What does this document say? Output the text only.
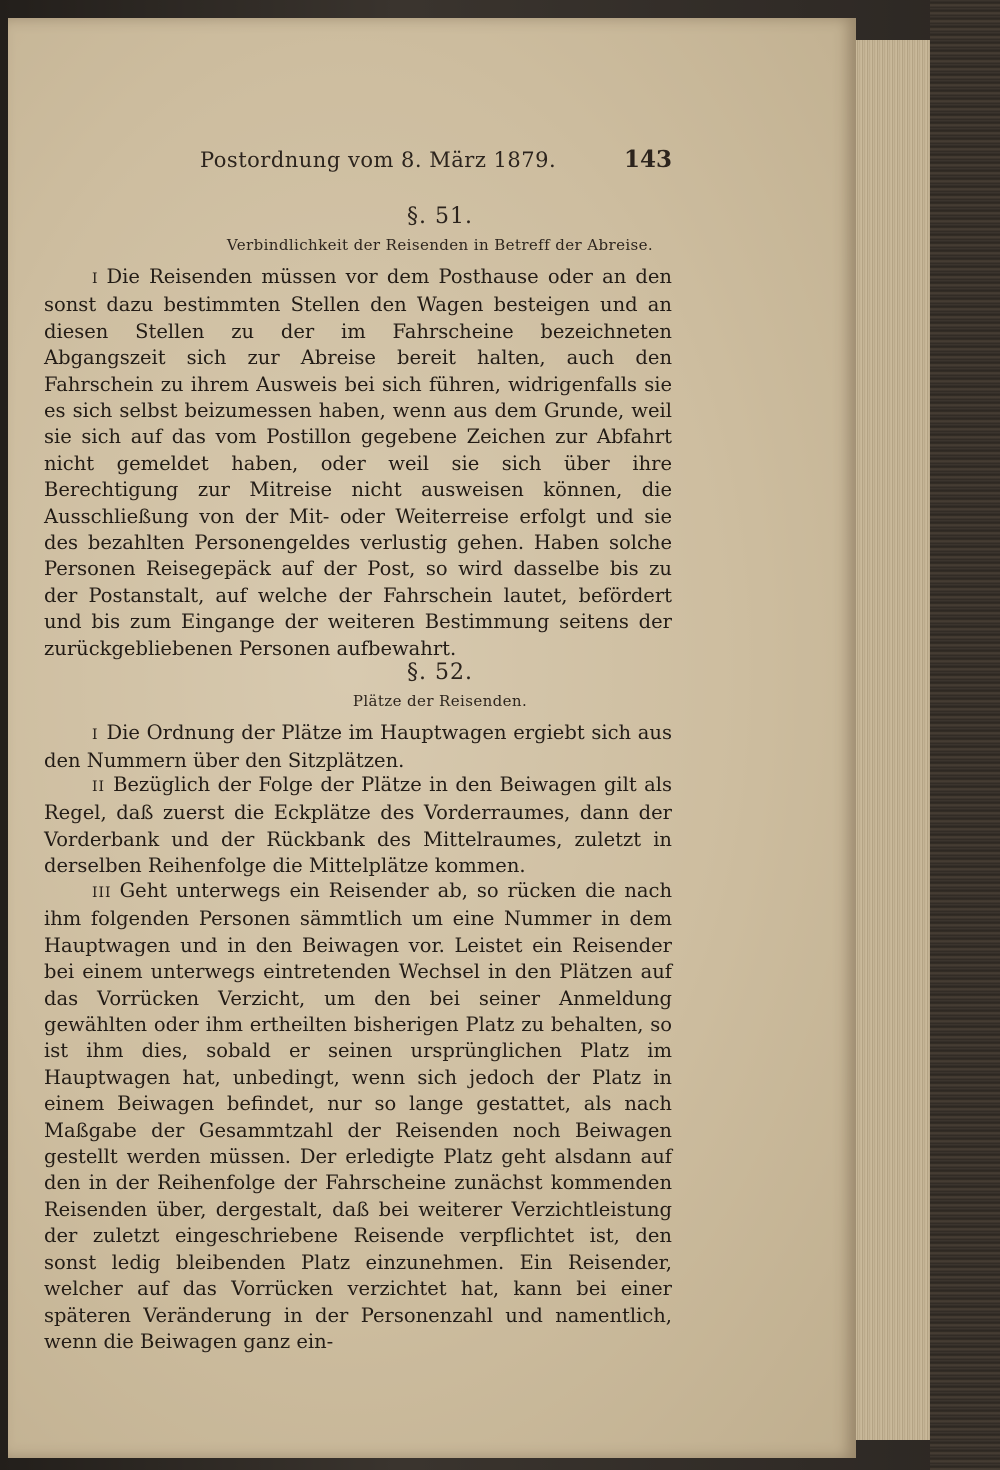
Postordnung vom 8. März 1879.	143
§. 51.
Verbindlichkeit der Reisenden in Betreff der Abreise.

I Die Reisenden müssen vor dem Posthause oder an den sonst dazu bestimmten Stellen den Wagen besteigen und an diesen Stellen zu der im Fahrscheine bezeichneten Abgangszeit sich zur Abreise bereit halten, auch den Fahrschein zu ihrem Ausweis bei sich führen, widrigenfalls sie es sich selbst beizumessen haben, wenn aus dem Grunde, weil sie sich auf das vom Postillon gegebene Zeichen zur Abfahrt nicht gemeldet haben, oder weil sie sich über ihre Berechtigung zur Mitreise nicht ausweisen können, die Ausschließung von der Mit- oder Weiterreise erfolgt und sie des bezahlten Personengeldes verlustig gehen. Haben solche Personen Reisegepäck auf der Post, so wird dasselbe bis zu der Postanstalt, auf welche der Fahrschein lautet, befördert und bis zum Eingange der weiteren Bestimmung seitens der zurückgebliebenen Personen aufbewahrt.

§. 52.
Plätze der Reisenden.

I Die Ordnung der Plätze im Hauptwagen ergiebt sich aus den Nummern über den Sitzplätzen.

II Bezüglich der Folge der Plätze in den Beiwagen gilt als Regel, daß zuerst die Eckplätze des Vorderraumes, dann der Vorderbank und der Rückbank des Mittelraumes, zuletzt in derselben Reihenfolge die Mittelplätze kommen.

III Geht unterwegs ein Reisender ab, so rücken die nach ihm folgenden Personen sämmtlich um eine Nummer in dem Hauptwagen und in den Beiwagen vor. Leistet ein Reisender bei einem unterwegs eintretenden Wechsel in den Plätzen auf das Vorrücken Verzicht, um den bei seiner Anmeldung gewählten oder ihm ertheilten bisherigen Platz zu behalten, so ist ihm dies, sobald er seinen ursprünglichen Platz im Hauptwagen hat, unbedingt, wenn sich jedoch der Platz in einem Beiwagen befindet, nur so lange gestattet, als nach Maßgabe der Gesammtzahl der Reisenden noch Beiwagen gestellt werden müssen. Der erledigte Platz geht alsdann auf den in der Reihenfolge der Fahrscheine zunächst kommenden Reisenden über, dergestalt, daß bei weiterer Verzichtleistung der zuletzt eingeschriebene Reisende verpflichtet ist, den sonst ledig bleibenden Platz einzunehmen. Ein Reisender, welcher auf das Vorrücken verzichtet hat, kann bei einer späteren Veränderung in der Personenzahl und namentlich, wenn die Beiwagen ganz ein-
